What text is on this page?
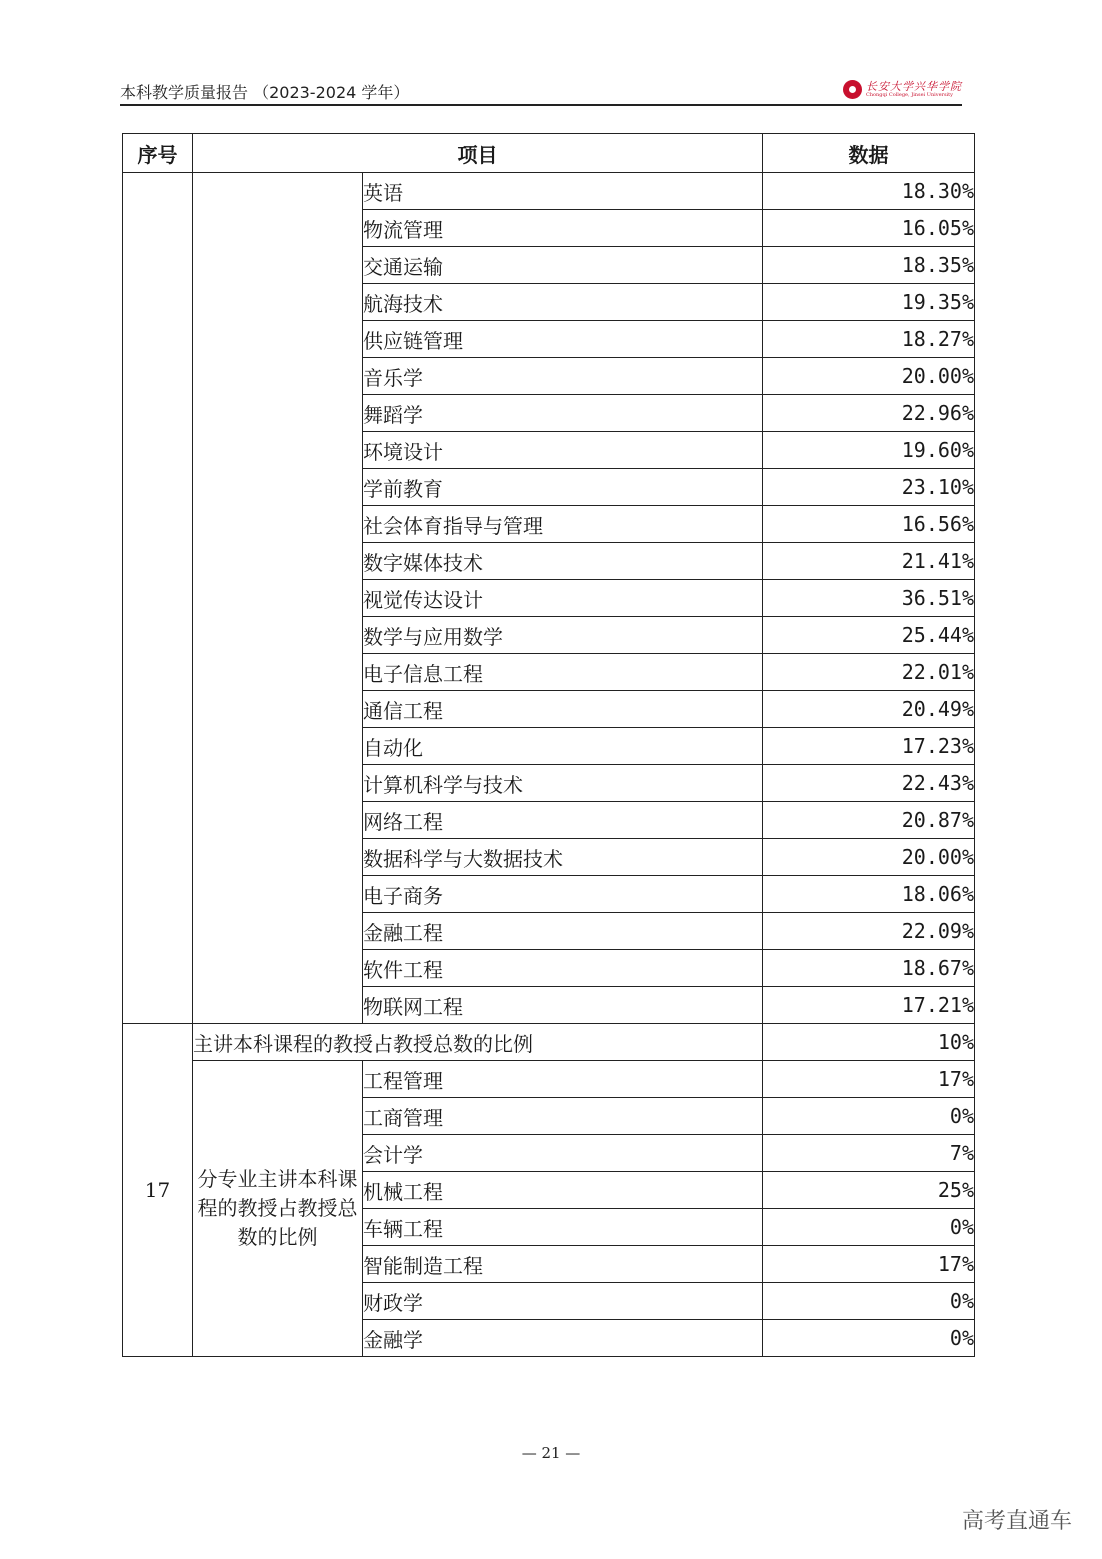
本科教学质量报告 （2023-2024 学年）	长安大学兴华学院
Chongqi College, Jinsei University
序号	项目		数据
		英语	18.30%
		物流管理	16.05%
		交通运输	18.35%
		航海技术	19.35%
		供应链管理	18.27%
		音乐学	20.00%
		舞蹈学	22.96%
		环境设计	19.60%
		学前教育	23.10%
		社会体育指导与管理	16.56%
		数字媒体技术	21.41%
		视觉传达设计	36.51%
		数学与应用数学	25.44%
		电子信息工程	22.01%
		通信工程	20.49%
		自动化	17.23%
		计算机科学与技术	22.43%
		网络工程	20.87%
		数据科学与大数据技术	20.00%
		电子商务	18.06%
		金融工程	22.09%
		软件工程	18.67%
		物联网工程	17.21%
17	主讲本科课程的教授占教授总数的比例		10%
	分专业主讲本科课程的教授占教授总数的比例	工程管理	17%
		工商管理	0%
		会计学	7%
		机械工程	25%
		车辆工程	0%
		智能制造工程	17%
		财政学	0%
		金融学	0%
— 21 —
高考直通车
